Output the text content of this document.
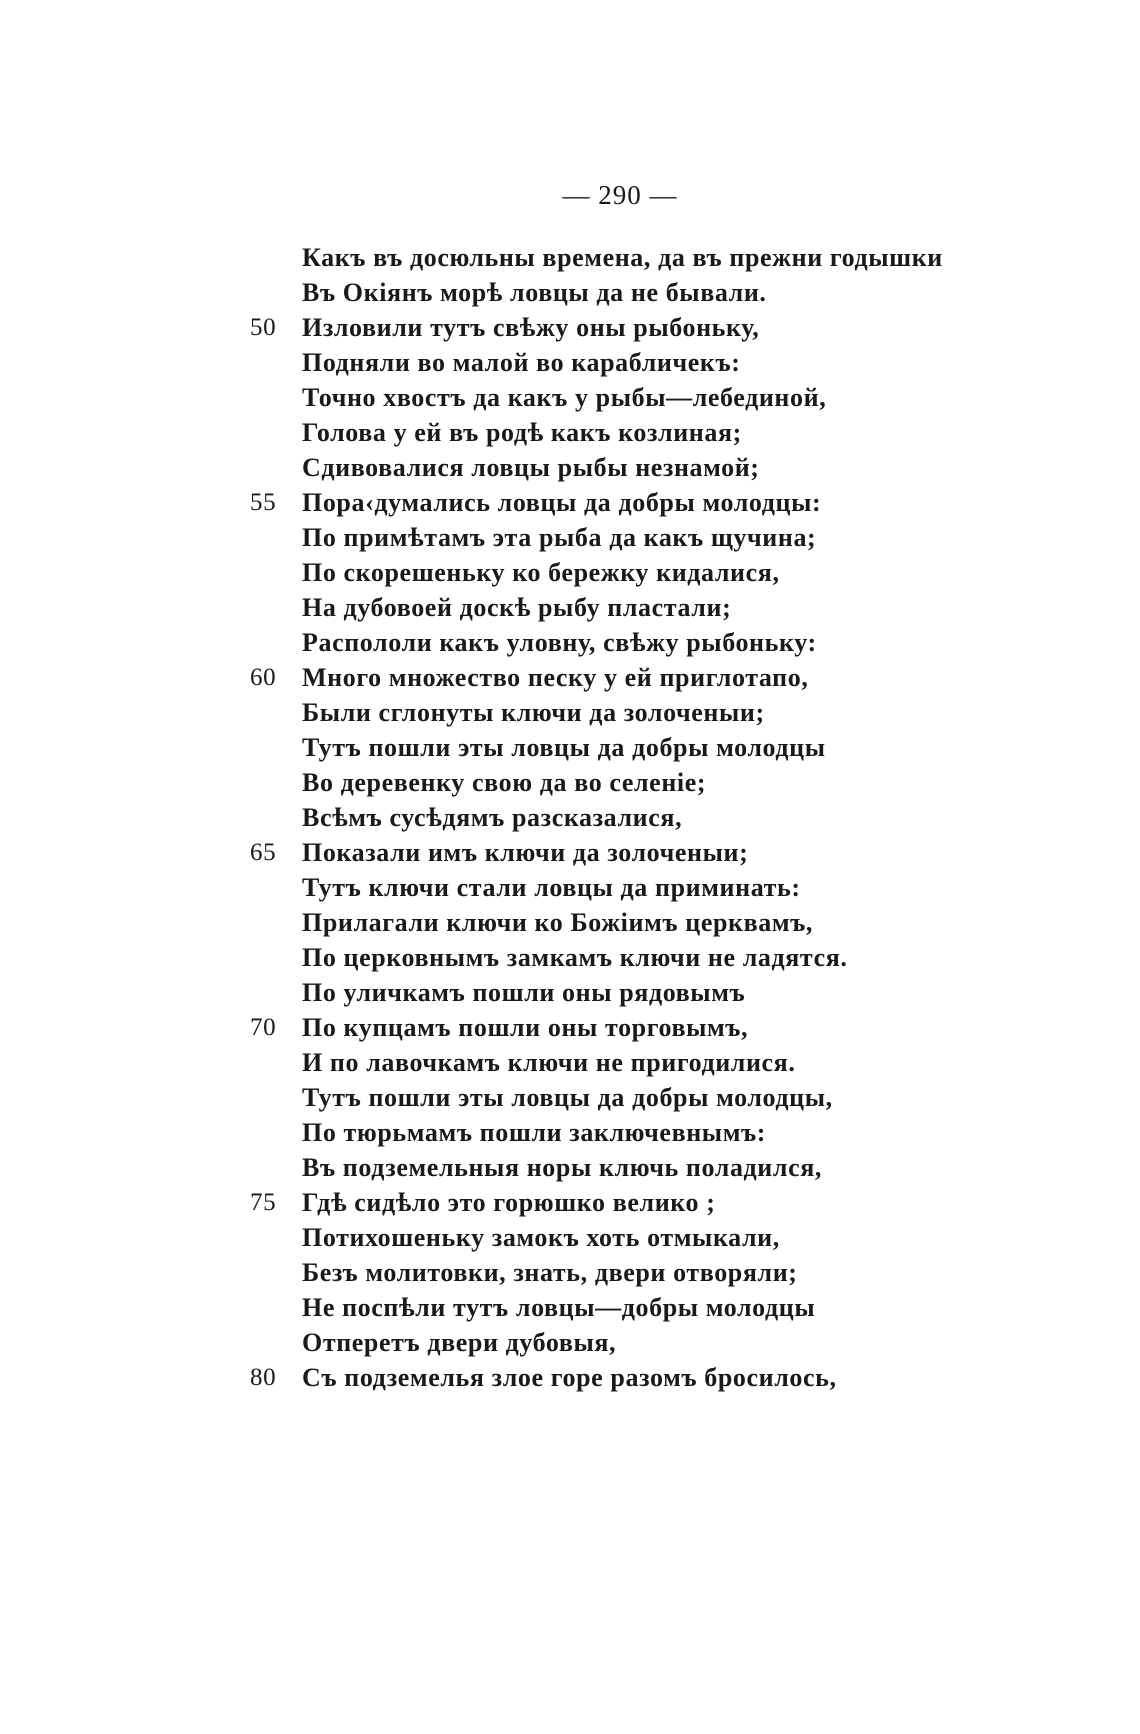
— 290 —
Какъ въ досюльны времена, да въ прежни годышки
Въ Окіянъ морѣ ловцы да не бывали.
50 Изловили тутъ свѣжу оны рыбоньку,
Подняли во малой во карабличекъ:
Точно хвостъ да какъ у рыбы—лебединой,
Голова у ей въ родѣ какъ козлиная;
Сдивовалися ловцы рыбы незнамой;
55 Пора‹думались ловцы да добры молодцы:
По примѣтамъ эта рыба да какъ щучина;
По скорешеньку ко бережку кидалися,
На дубовоей доскѣ рыбу пластали;
Распололи какъ уловну, свѣжу рыбоньку:
60 Много множество песку у ей приглотапо,
Были сглонуты ключи да золоченыи;
Тутъ пошли эты ловцы да добры молодцы
Во деревенку свою да во селеніе;
Всѣмъ сусѣдямъ разсказалися,
65 Показали имъ ключи да золоченыи;
Тутъ ключи стали ловцы да приминать:
Прилагали ключи ко Божіимъ церквамъ,
По церковнымъ замкамъ ключи не ладятся.
По уличкамъ пошли оны рядовымъ
70 По купцамъ пошли оны торговымъ,
И по лавочкамъ ключи не пригодилися.
Тутъ пошли эты ловцы да добры молодцы,
По тюрьмамъ пошли заключевнымъ:
Въ подземельныя норы ключь поладился,
75 Гдѣ сидѣло это горюшко велико ;
Потихошеньку замокъ хоть отмыкали,
Безъ молитовки, знать, двери отворяли;
Не поспѣли тутъ ловцы—добры молодцы
Отперетъ двери дубовыя,
80 Съ подземелья злое горе разомъ бросилось,
